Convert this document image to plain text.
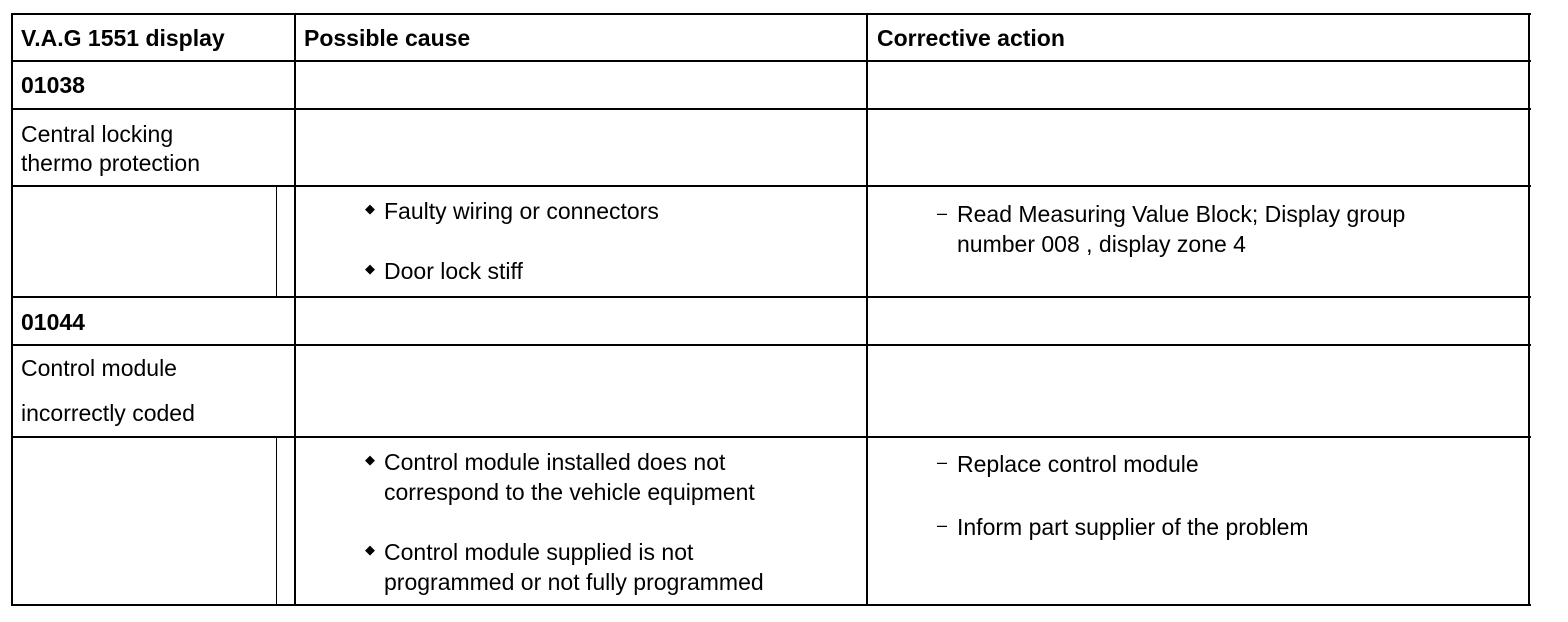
V.A.G 1551 display	Possible cause	Corrective action
01038
Central locking
thermo protection
◆ Faulty wiring or connectors
◆ Door lock stiff
– Read Measuring Value Block; Display group
number 008 , display zone 4
01044
Control module
incorrectly coded
◆ Control module installed does not
correspond to the vehicle equipment
◆ Control module supplied is not
programmed or not fully programmed
– Replace control module
– Inform part supplier of the problem
